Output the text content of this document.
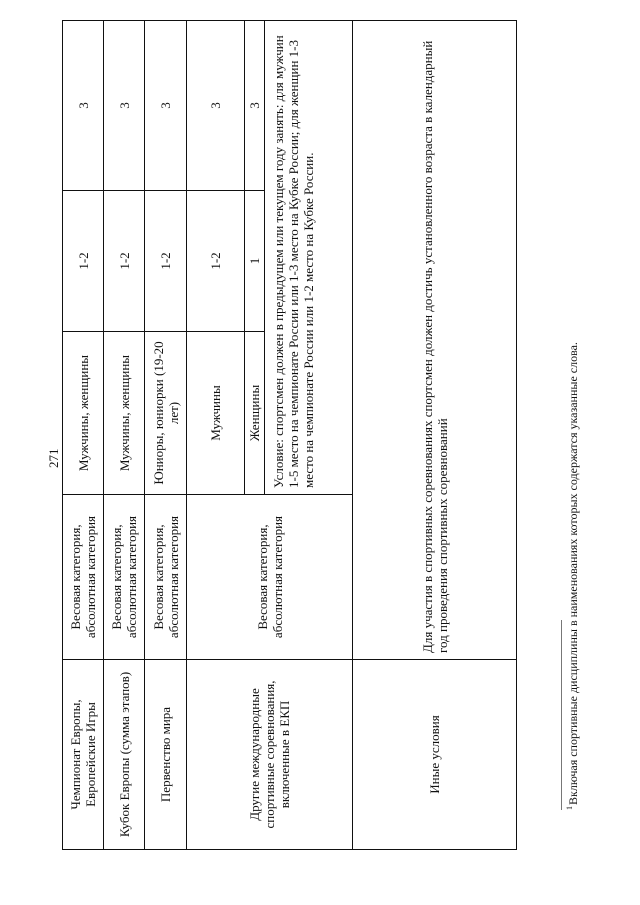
271
Чемпионат Европы, Европейские Игры	Весовая категория, абсолютная категория	Мужчины, женщины	1-2	3
Кубок Европы (сумма этапов)	Весовая категория, абсолютная категория	Мужчины, женщины	1-2	3
Первенство мира	Весовая категория, абсолютная категория	Юниоры, юниорки (19-20 лет)	1-2	3
Другие международные спортивные соревнования, включенные в ЕКП	Весовая категория, абсолютная категория	Мужчины	1-2	3
		Женщины	1	3
		Условие: спортсмен должен в предыдущем или текущем году занять: для мужчин 1-5 место на чемпионате России или 1-3 место на Кубке России; для женщин 1-3 место на чемпионате России или 1-2 место на Кубке России.		
Иные условия	Для участия в спортивных соревнованиях спортсмен должен достичь установленного возраста в календарный год проведения спортивных соревнований			
$^1$Включая спортивные дисциплины в наименованиях которых содержатся указанные слова.
